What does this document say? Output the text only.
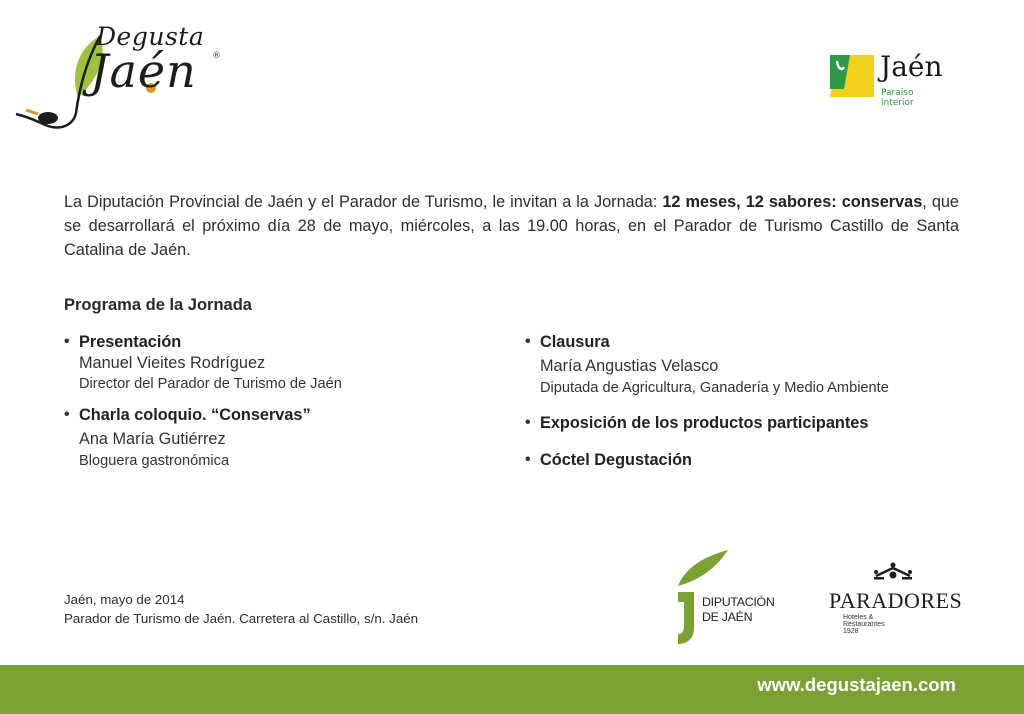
Degusta
Jaén ®	Jaén
Paraíso interior

La Diputación Provincial de Jaén y el Parador de Turismo, le invitan a la Jornada: 12 meses, 12 sabores: conservas, que se desarrollará el próximo día 28 de mayo, miércoles, a las 19.00 horas, en el Parador de Turismo Castillo de Santa Catalina de Jaén.

Programa de la Jornada
• Presentación
Manuel Vieites Rodríguez
Director del Parador de Turismo de Jaén
• Charla coloquio. “Conservas”
Ana María Gutiérrez
Bloguera gastronómica
• Clausura
María Angustias Velasco
Diputada de Agricultura, Ganadería y Medio Ambiente
• Exposición de los productos participantes
• Cóctel Degustación
Jaén, mayo de 2014
Parador de Turismo de Jaén. Carretera al Castillo, s/n. Jaén
DIPUTACIÓN
DE JAÉN
PARADORES
Hoteles & Restaurantes 1928
www.degustajaen.com
